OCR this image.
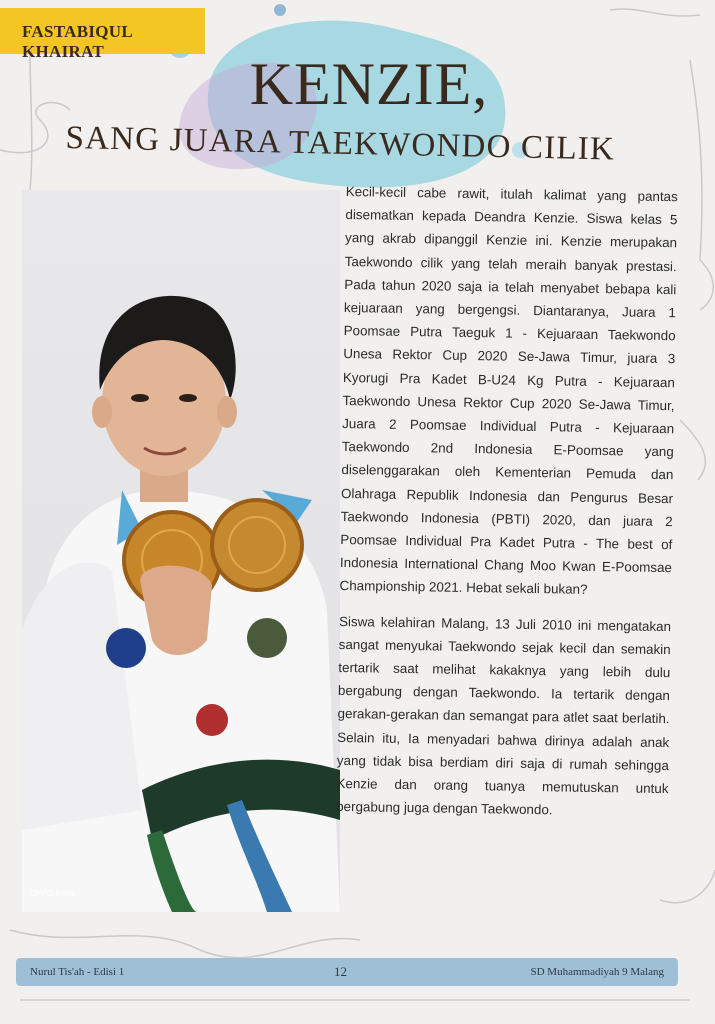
FASTABIQUL KHAIRAT	KENZIE,
SANG JUARA TAEKWONDO CILIK
OPPO Reno

Kecil-kecil cabe rawit, itulah kalimat yang pantas disematkan kepada Deandra Kenzie. Siswa kelas 5 yang akrab dipanggil Kenzie ini. Kenzie merupakan Taekwondo cilik yang telah meraih banyak prestasi. Pada tahun 2020 saja ia telah menyabet bebapa kali kejuaraan yang bergengsi. Diantaranya, Juara 1 Poomsae Putra Taeguk 1 - Kejuaraan Taekwondo Unesa Rektor Cup 2020 Se-Jawa Timur, juara 3 Kyorugi Pra Kadet B-U24 Kg Putra - Kejuaraan Taekwondo Unesa Rektor Cup 2020 Se-Jawa Timur, Juara 2 Poomsae Individual Putra - Kejuaraan Taekwondo 2nd Indonesia E-Poomsae yang diselenggarakan oleh Kementerian Pemuda dan Olahraga Republik Indonesia dan Pengurus Besar Taekwondo Indonesia (PBTI) 2020, dan juara 2 Poomsae Individual Pra Kadet Putra - The best of Indonesia International Chang Moo Kwan E-Poomsae Championship 2021. Hebat sekali bukan?

Siswa kelahiran Malang, 13 Juli 2010 ini mengatakan sangat menyukai Taekwondo sejak kecil dan semakin tertarik saat melihat kakaknya yang lebih dulu bergabung dengan Taekwondo. Ia tertarik dengan gerakan-gerakan dan semangat para atlet saat berlatih. Selain itu, Ia menyadari bahwa dirinya adalah anak yang tidak bisa berdiam diri saja di rumah sehingga Kenzie dan orang tuanya memutuskan untuk bergabung juga dengan Taekwondo.

Nurul Tis'ah - Edisi 1	12	SD Muhammadiyah 9 Malang
